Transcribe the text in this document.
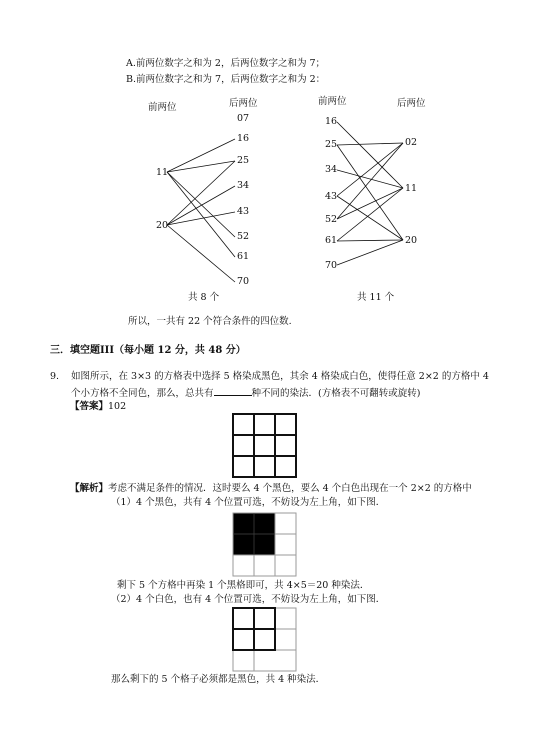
A.前两位数字之和为 2，后两位数字之和为 7；
B.前两位数字之和为 7，后两位数字之和为 2：
前两位	后两位
11
20
07
16
25
34
43
52
61
70
共 8 个
前两位	后两位
16
25
34
43
52
61
70
02
11
20
共 11 个
所以，一共有 22 个符合条件的四位数.
三．填空题III（每小题 12 分，共 48 分）
9. 如图所示，在 3×3 的方格表中选择 5 格染成黑色，其余 4 格染成白色，使得任意 2×2 的方格中 4
个小方格不全同色，那么，总共有	种不同的染法．(方格表不可翻转或旋转)
【答案】102
【解析】考虑不满足条件的情况．这时要么 4 个黑色，要么 4 个白色出现在一个 2×2 的方格中
（1）4 个黑色，共有 4 个位置可选，不妨设为左上角，如下图．
剩下 5 个方格中再染 1 个黑格即可，共 4×5＝20 种染法．
（2）4 个白色，也有 4 个位置可选，不妨设为左上角，如下图．
那么剩下的 5 个格子必须都是黑色，共 4 种染法．
